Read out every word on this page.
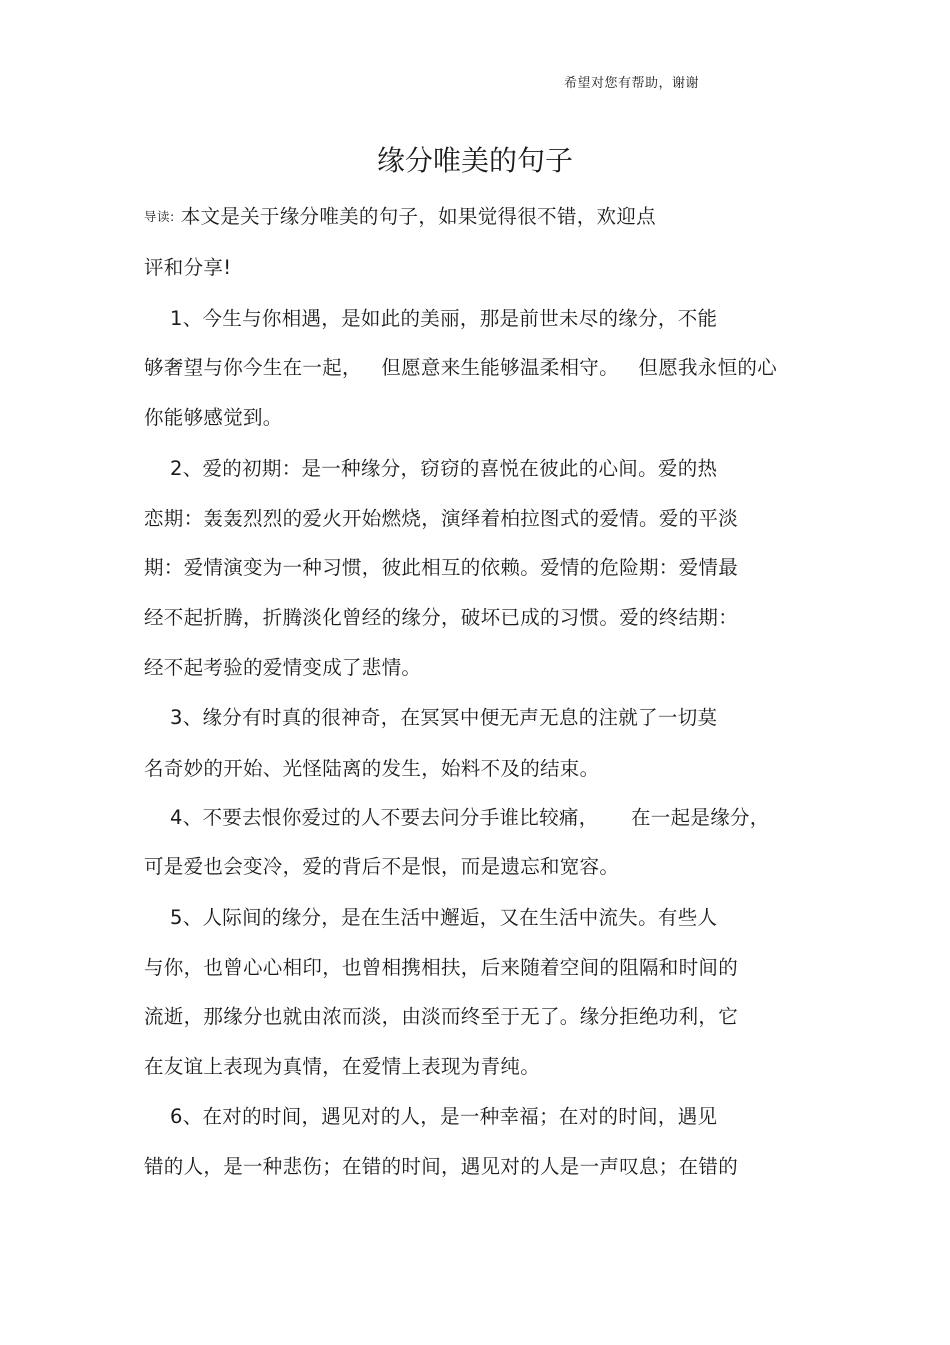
希望对您有帮助，谢谢
缘分唯美的句子
导读: 本文是关于缘分唯美的句子，如果觉得很不错，欢迎点
评和分享!
1、今生与你相遇，是如此的美丽，那是前世未尽的缘分，不能
够奢望与你今生在一起，   但愿意来生能够温柔相守。   但愿我永恒的心
你能够感觉到。
2、爱的初期：是一种缘分，窃窃的喜悦在彼此的心间。爱的热
恋期：轰轰烈烈的爱火开始燃烧，演绎着柏拉图式的爱情。爱的平淡
期：爱情演变为一种习惯，彼此相互的依赖。爱情的危险期：爱情最
经不起折腾，折腾淡化曾经的缘分，破坏已成的习惯。爱的终结期：
经不起考验的爱情变成了悲情。
3、缘分有时真的很神奇，在冥冥中便无声无息的注就了一切莫
名奇妙的开始、光怪陆离的发生，始料不及的结束。
4、不要去恨你爱过的人不要去问分手谁比较痛，     在一起是缘分，
可是爱也会变冷，爱的背后不是恨，而是遗忘和宽容。
5、人际间的缘分，是在生活中邂逅，又在生活中流失。有些人
与你，也曾心心相印，也曾相携相扶，后来随着空间的阻隔和时间的
流逝，那缘分也就由浓而淡，由淡而终至于无了。缘分拒绝功利，它
在友谊上表现为真情，在爱情上表现为青纯。
6、在对的时间，遇见对的人，是一种幸福；在对的时间，遇见
错的人，是一种悲伤；在错的时间，遇见对的人是一声叹息；在错的
